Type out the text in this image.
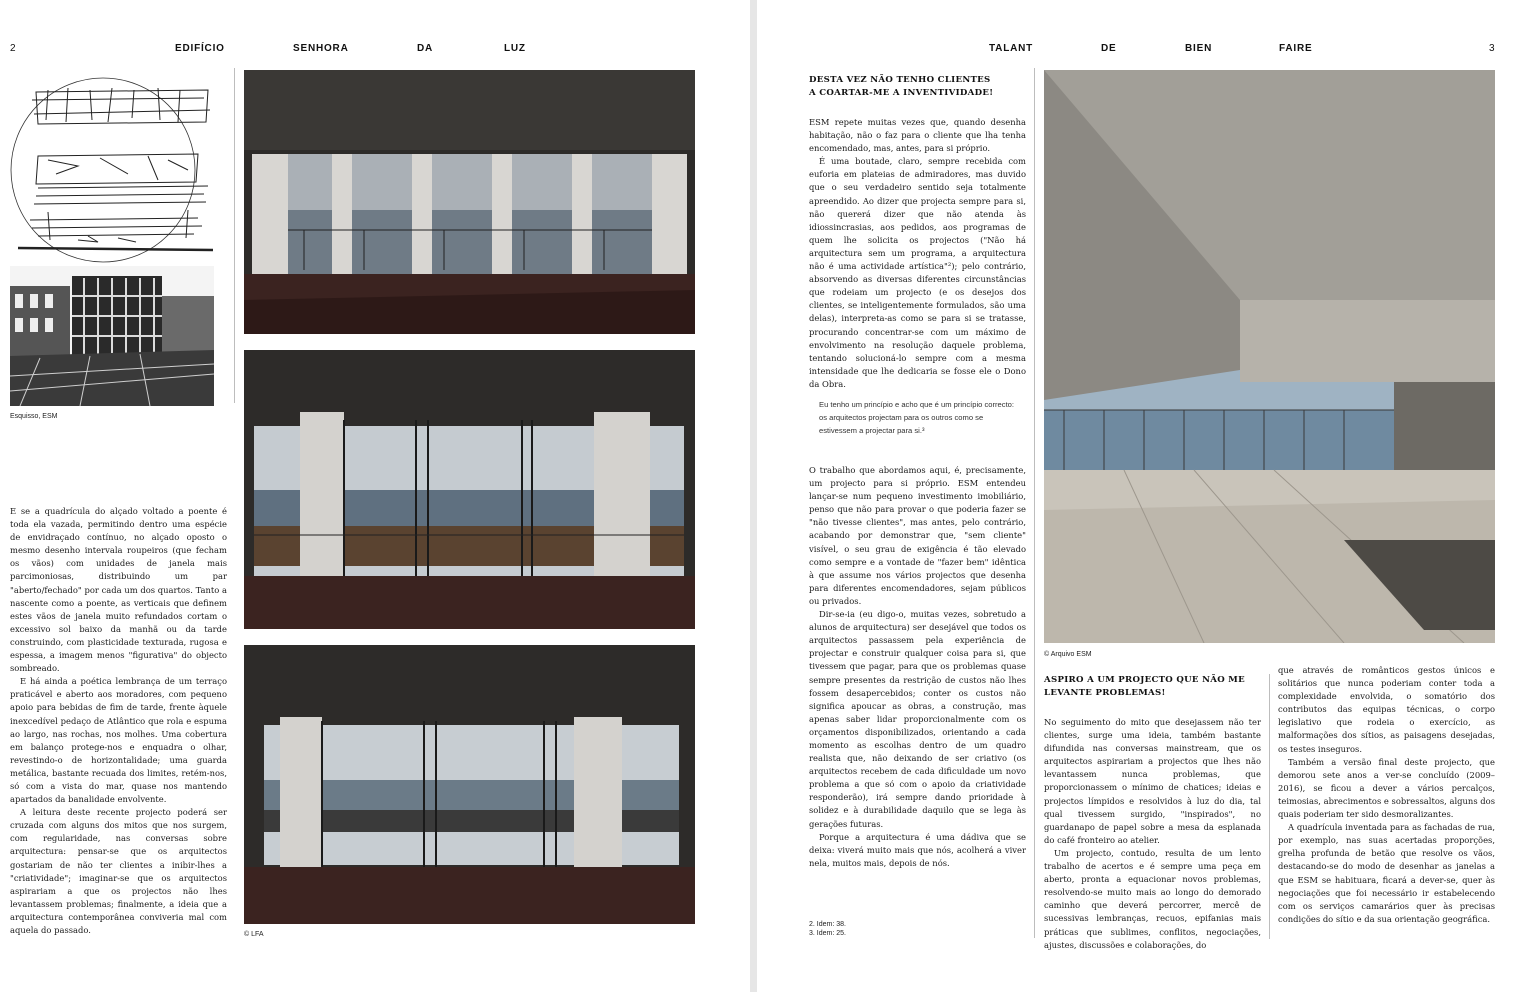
2	EDIFÍCIO	SENHORA	DA	LUZ
Esquisso, ESM

E se a quadrícula do alçado voltado a poente é toda ela vazada, permitindo dentro uma espécie de envidraçado contínuo, no alçado oposto o mesmo desenho intervala roupeiros (que fecham os vãos) com unidades de janela mais parcimoniosas, distribuindo um par "aberto/fechado" por cada um dos quartos. Tanto a nascente como a poente, as verticais que definem estes vãos de janela muito refundados cortam o excessivo sol baixo da manhã ou da tarde construindo, com plasticidade texturada, rugosa e espessa, a imagem menos "figurativa" do objecto sombreado.

E há ainda a poética lembrança de um terraço praticável e aberto aos moradores, com pequeno apoio para bebidas de fim de tarde, frente àquele inexcedível pedaço de Atlântico que rola e espuma ao largo, nas rochas, nos molhes. Uma cobertura em balanço protege-nos e enquadra o olhar, revestindo-o de horizontalidade; uma guarda metálica, bastante recuada dos limites, retém-nos, só com a vista do mar, quase nos mantendo apartados da banalidade envolvente.

A leitura deste recente projecto poderá ser cruzada com alguns dos mitos que nos surgem, com regularidade, nas conversas sobre arquitectura: pensar-se que os arquitectos gostariam de não ter clientes a inibir-lhes a "criatividade"; imaginar-se que os arquitectos aspirariam a que os projectos não lhes levantassem problemas; finalmente, a ideia que a arquitectura contemporânea conviveria mal com aquela do passado.	© LFA
TALANT	DE	BIEN	FAIRE	3
DESTA VEZ NÃO TENHO CLIENTES
A COARTAR-ME A INVENTIVIDADE!

ESM repete muitas vezes que, quando desenha habitação, não o faz para o cliente que lha tenha encomendado, mas, antes, para si próprio.

É uma boutade, claro, sempre recebida com euforia em plateias de admiradores, mas duvido que o seu verdadeiro sentido seja totalmente apreendido. Ao dizer que projecta sempre para si, não quererá dizer que não atenda às idiossincrasias, aos pedidos, aos programas de quem lhe solicita os projectos ("Não há arquitectura sem um programa, a arquitectura não é uma actividade artística"²); pelo contrário, absorvendo as diversas diferentes circunstâncias que rodeiam um projecto (e os desejos dos clientes, se inteligentemente formulados, são uma delas), interpreta-as como se para si se tratasse, procurando concentrar-se com um máximo de envolvimento na resolução daquele problema, tentando solucioná-lo sempre com a mesma intensidade que lhe dedicaria se fosse ele o Dono da Obra.

Eu tenho um princípio e acho que é um princípio correcto: os arquitectos projectam para os outros como se estivessem a projectar para si.³

O trabalho que abordamos aqui, é, precisamente, um projecto para si próprio. ESM entendeu lançar-se num pequeno investimento imobiliário, penso que não para provar o que poderia fazer se "não tivesse clientes", mas antes, pelo contrário, acabando por demonstrar que, "sem cliente" visível, o seu grau de exigência é tão elevado como sempre e a vontade de "fazer bem" idêntica à que assume nos vários projectos que desenha para diferentes encomendadores, sejam públicos ou privados.

Dir-se-ia (eu digo-o, muitas vezes, sobretudo a alunos de arquitectura) ser desejável que todos os arquitectos passassem pela experiência de projectar e construir qualquer coisa para si, que tivessem que pagar, para que os problemas quase sempre presentes da restrição de custos não lhes fossem desapercebidos; conter os custos não significa apoucar as obras, a construção, mas apenas saber lidar proporcionalmente com os orçamentos disponibilizados, orientando a cada momento as escolhas dentro de um quadro realista que, não deixando de ser criativo (os arquitectos recebem de cada dificuldade um novo problema a que só com o apoio da criatividade responderão), irá sempre dando prioridade à solidez e à durabilidade daquilo que se lega às gerações futuras.

Porque a arquitectura é uma dádiva que se deixa: viverá muito mais que nós, acolherá a viver nela, muitos mais, depois de nós.

2. Idem: 38.
3. Idem: 25.
© Arquivo ESM
ASPIRO A UM PROJECTO QUE NÃO ME
LEVANTE PROBLEMAS!

No seguimento do mito que desejassem não ter clientes, surge uma ideia, também bastante difundida nas conversas mainstream, que os arquitectos aspirariam a projectos que lhes não levantassem nunca problemas, que proporcionassem o mínimo de chatices; ideias e projectos límpidos e resolvidos à luz do dia, tal qual tivessem surgido, "inspirados", no guardanapo de papel sobre a mesa da esplanada do café fronteiro ao atelier.

Um projecto, contudo, resulta de um lento trabalho de acertos e é sempre uma peça em aberto, pronta a equacionar novos problemas, resolvendo-se muito mais ao longo do demorado caminho que deverá percorrer, mercê de sucessivas lembranças, recuos, epifanias mais práticas que sublimes, conflitos, negociações, ajustes, discussões e colaborações, do

que através de românticos gestos únicos e solitários que nunca poderiam conter toda a complexidade envolvida, o somatório dos contributos das equipas técnicas, o corpo legislativo que rodeia o exercício, as malformações dos sítios, as paisagens desejadas, os testes inseguros.

Também a versão final deste projecto, que demorou sete anos a ver-se concluído (2009–2016), se ficou a dever a vários percalços, teimosias, abrecimentos e sobressaltos, alguns dos quais poderiam ter sido desmoralizantes.

A quadrícula inventada para as fachadas de rua, por exemplo, nas suas acertadas proporções, grelha profunda de betão que resolve os vãos, destacando-se do modo de desenhar as janelas a que ESM se habituara, ficará a dever-se, quer às negociações que foi necessário ir estabelecendo com os serviços camarários quer às precisas condições do sítio e da sua orientação geográfica.
